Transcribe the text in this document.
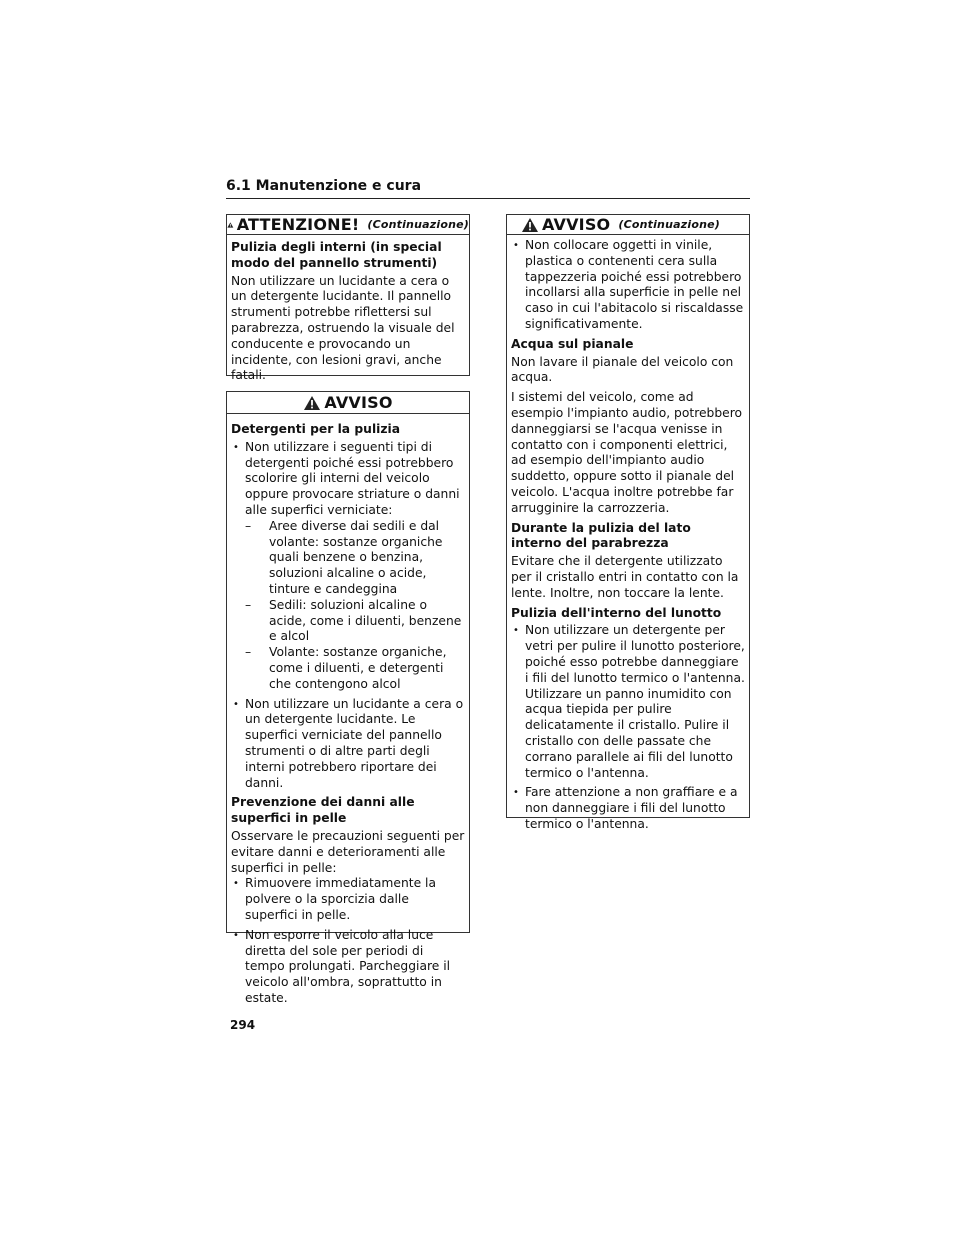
6.1 Manutenzione e cura
ATTENZIONE! (Continuazione)
Pulizia degli interni (in special modo del pannello strumenti)

Non utilizzare un lucidante a cera o un detergente lucidante. Il pannello strumenti potrebbe riflettersi sul parabrezza, ostruendo la visuale del conducente e provocando un incidente, con lesioni gravi, anche fatali.

AVVISO
Detergenti per la pulizia
• Non utilizzare i seguenti tipi di detergenti poiché essi potrebbero scolorire gli interni del veicolo oppure provocare striature o danni alle superfici verniciate:
– Aree diverse dai sedili e dal volante: sostanze organiche quali benzene o benzina, soluzioni alcaline o acide, tinture e candeggina
– Sedili: soluzioni alcaline o acide, come i diluenti, benzene e alcol
– Volante: sostanze organiche, come i diluenti, e detergenti che contengono alcol
• Non utilizzare un lucidante a cera o un detergente lucidante. Le superfici verniciate del pannello strumenti o di altre parti degli interni potrebbero riportare dei danni.
Prevenzione dei danni alle superfici in pelle

Osservare le precauzioni seguenti per evitare danni e deterioramenti alle superfici in pelle:

• Rimuovere immediatamente la polvere o la sporcizia dalle superfici in pelle.
• Non esporre il veicolo alla luce diretta del sole per periodi di tempo prolungati. Parcheggiare il veicolo all'ombra, soprattutto in estate.
AVVISO (Continuazione)
• Non collocare oggetti in vinile, plastica o contenenti cera sulla tappezzeria poiché essi potrebbero incollarsi alla superficie in pelle nel caso in cui l'abitacolo si riscaldasse significativamente.
Acqua sul pianale

Non lavare il pianale del veicolo con acqua.

I sistemi del veicolo, come ad esempio l'impianto audio, potrebbero danneggiarsi se l'acqua venisse in contatto con i componenti elettrici, ad esempio dell'impianto audio suddetto, oppure sotto il pianale del veicolo. L'acqua inoltre potrebbe far arrugginire la carrozzeria.

Durante la pulizia del lato interno del parabrezza

Evitare che il detergente utilizzato per il cristallo entri in contatto con la lente. Inoltre, non toccare la lente.

Pulizia dell'interno del lunotto
• Non utilizzare un detergente per vetri per pulire il lunotto posteriore, poiché esso potrebbe danneggiare i fili del lunotto termico o l'antenna. Utilizzare un panno inumidito con acqua tiepida per pulire delicatamente il cristallo. Pulire il cristallo con delle passate che corrano parallele ai fili del lunotto termico o l'antenna.
• Fare attenzione a non graffiare e a non danneggiare i fili del lunotto termico o l'antenna.
294
